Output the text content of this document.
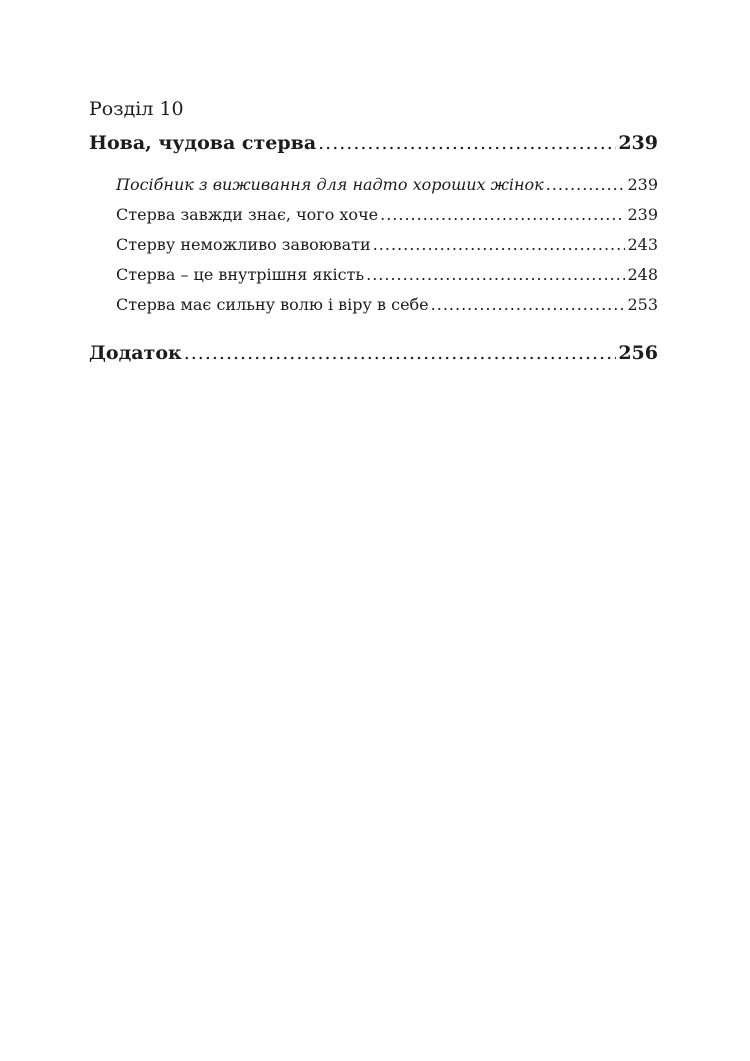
Розділ 10
Нова, чудова стерва .....	239
Посібник з виживання для надто хороших жінок .....	239
Стерва завжди знає, чого хоче .....	239
Стерву неможливо завоювати .....	243
Стерва – це внутрішня якість .....	248
Стерва має сильну волю і віру в себе .....	253
Додаток .....	256
